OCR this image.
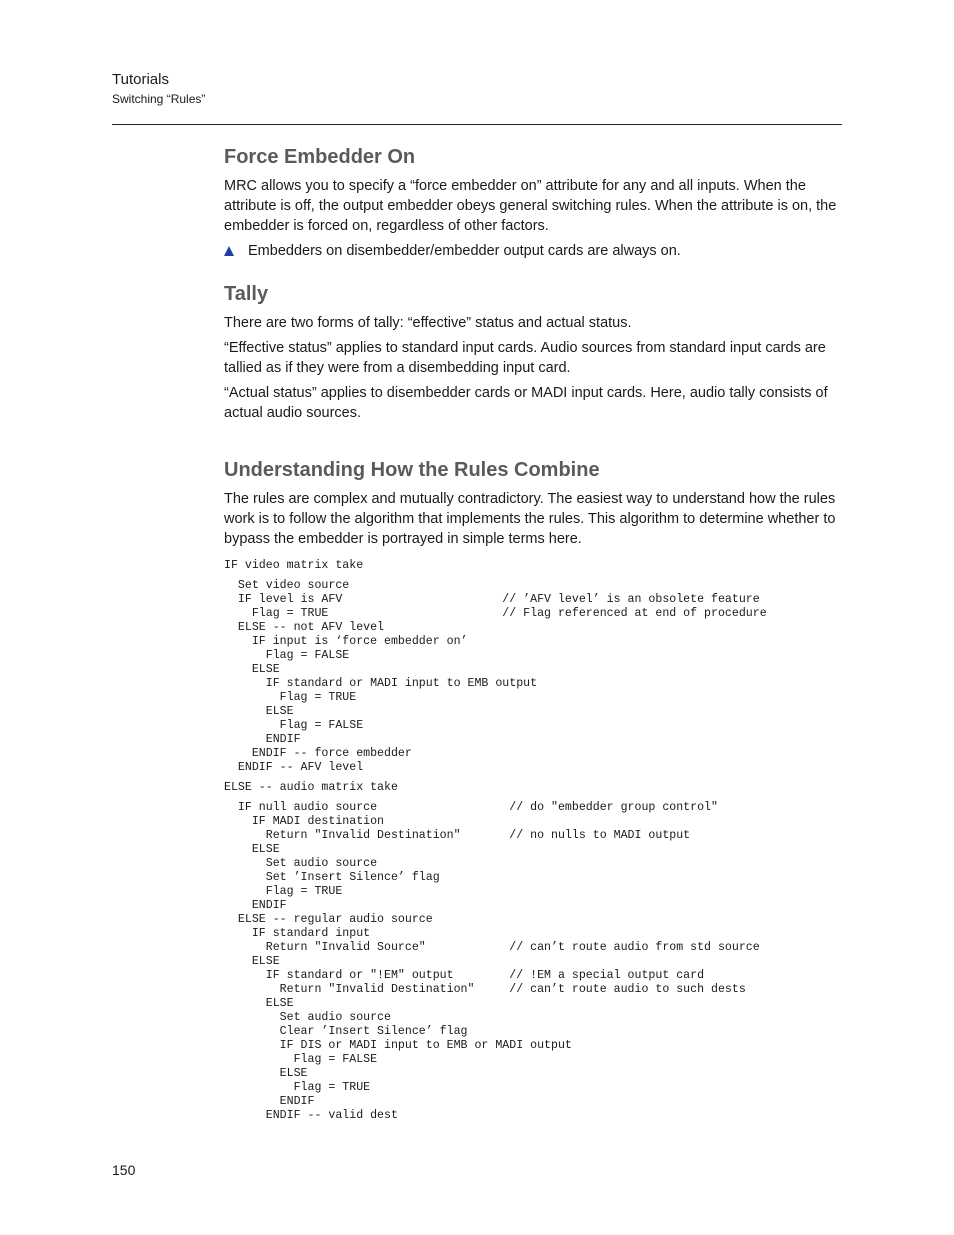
Tutorials
Switching “Rules”
Force Embedder On

MRC allows you to specify a “force embedder on” attribute for any and all inputs. When the attribute is off, the output embedder obeys general switching rules. When the attribute is on, the embedder is forced on, regardless of other factors.

Embedders on disembedder/embedder output cards are always on.
Tally

There are two forms of tally: “effective” status and actual status.

“Effective status” applies to standard input cards. Audio sources from standard input cards are tallied as if they were from a disembedding input card.

“Actual status” applies to disembedder cards or MADI input cards. Here, audio tally consists of actual audio sources.

Understanding How the Rules Combine

The rules are complex and mutually contradictory. The easiest way to understand how the rules work is to follow the algorithm that implements the rules. This algorithm to determine whether to bypass the embedder is portrayed in simple terms here.

IF video matrix take
Set video source
IF level is AFV                       // ’AFV level’ is an obsolete feature
Flag = TRUE                         // Flag referenced at end of procedure
ELSE -- not AFV level
IF input is ‘force embedder on’
Flag = FALSE
ELSE
IF standard or MADI input to EMB output
Flag = TRUE
ELSE
Flag = FALSE
ENDIF
ENDIF -- force embedder
ENDIF -- AFV level
ELSE -- audio matrix take
IF null audio source                   // do "embedder group control"
IF MADI destination
Return "Invalid Destination"       // no nulls to MADI output
ELSE
Set audio source
Set ’Insert Silence’ flag
Flag = TRUE
ENDIF
ELSE -- regular audio source
IF standard input
Return "Invalid Source"            // can’t route audio from std source
ELSE
IF standard or "!EM" output        // !EM a special output card
Return "Invalid Destination"     // can’t route audio to such dests
ELSE
Set audio source
Clear ’Insert Silence’ flag
IF DIS or MADI input to EMB or MADI output
Flag = FALSE
ELSE
Flag = TRUE
ENDIF
ENDIF -- valid dest
150
